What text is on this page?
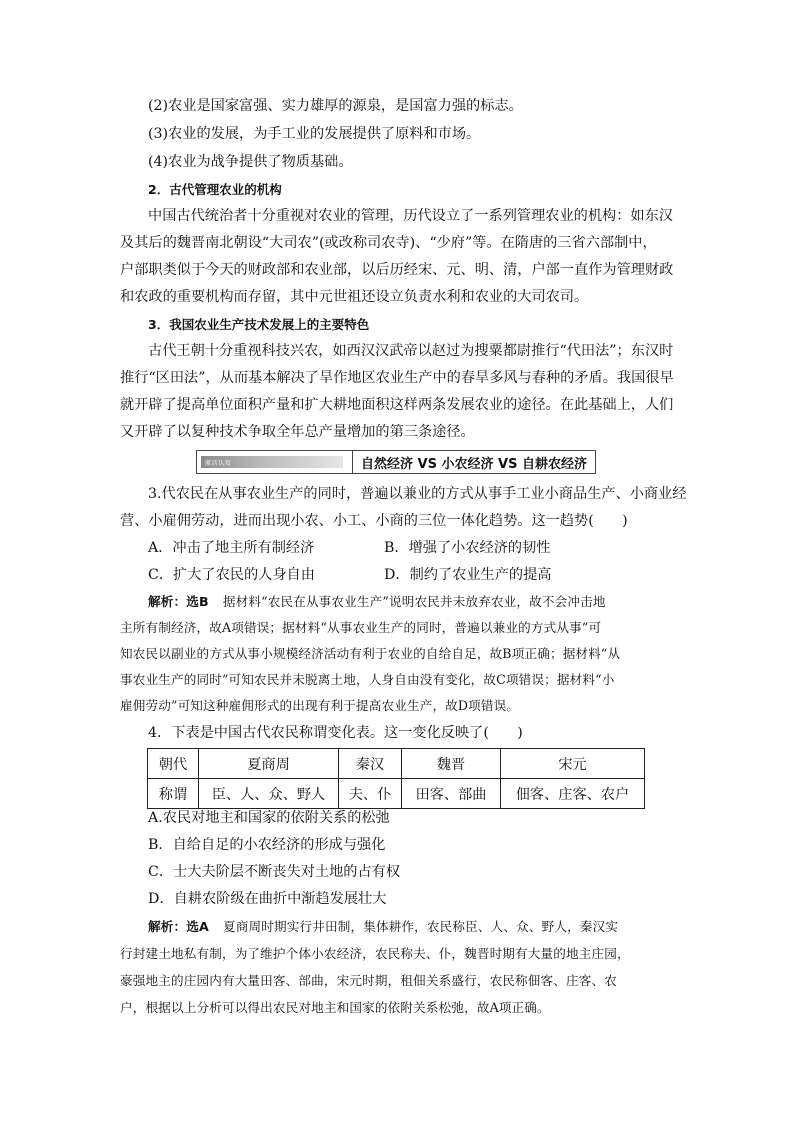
(2)农业是国家富强、实力雄厚的源泉，是国富力强的标志。
(3)农业的发展，为手工业的发展提供了原料和市场。
(4)农业为战争提供了物质基础。
2．古代管理农业的机构
中国古代统治者十分重视对农业的管理，历代设立了一系列管理农业的机构：如东汉
及其后的魏晋南北朝设“大司农”(或改称司农寺)、“少府”等。在隋唐的三省六部制中，
户部职类似于今天的财政部和农业部，以后历经宋、元、明、清，户部一直作为管理财政
和农政的重要机构而存留，其中元世祖还设立负责水利和农业的大司农司。
3．我国农业生产技术发展上的主要特色
古代王朝十分重视科技兴农，如西汉汉武帝以赵过为搜粟都尉推行“代田法”；东汉时
推行“区田法”，从而基本解决了旱作地区农业生产中的春旱多风与春种的矛盾。我国很早
就开辟了提高单位面积产量和扩大耕地面积这样两条发展农业的途径。在此基础上，人们
又开辟了以复种技术争取全年总产量增加的第三条途径。
激活认知	自然经济 VS 小农经济 VS 自耕农经济
3.代农民在从事农业生产的同时，普遍以兼业的方式从事手工业小商品生产、小商业经
营、小雇佣劳动，进而出现小农、小工、小商的三位一体化趋势。这一趋势(　　)
A．冲击了地主所有制经济	B．增强了小农经济的韧性
C．扩大了农民的人身自由	D．制约了农业生产的提高
解析：选B 据材料“农民在从事农业生产”说明农民并未放弃农业，故不会冲击地
主所有制经济，故A项错误；据材料“从事农业生产的同时，普遍以兼业的方式从事”可
知农民以副业的方式从事小规模经济活动有利于农业的自给自足，故B项正确；据材料“从
事农业生产的同时”可知农民并未脱离土地，人身自由没有变化，故C项错误；据材料“小
雇佣劳动”可知这种雇佣形式的出现有利于提高农业生产，故D项错误。
4．下表是中国古代农民称谓变化表。这一变化反映了(　　)
朝代	夏商周	秦汉	魏晋	宋元
称谓	臣、人、众、野人	夫、仆	田客、部曲	佃客、庄客、农户
A.农民对地主和国家的依附关系的松弛
B．自给自足的小农经济的形成与强化
C．士大夫阶层不断丧失对土地的占有权
D．自耕农阶级在曲折中渐趋发展壮大
解析：选A 夏商周时期实行井田制，集体耕作，农民称臣、人、众、野人，秦汉实
行封建土地私有制，为了维护个体小农经济，农民称夫、仆，魏晋时期有大量的地主庄园，
豪强地主的庄园内有大量田客、部曲，宋元时期，租佃关系盛行，农民称佃客、庄客、农
户，根据以上分析可以得出农民对地主和国家的依附关系松弛，故A项正确。
